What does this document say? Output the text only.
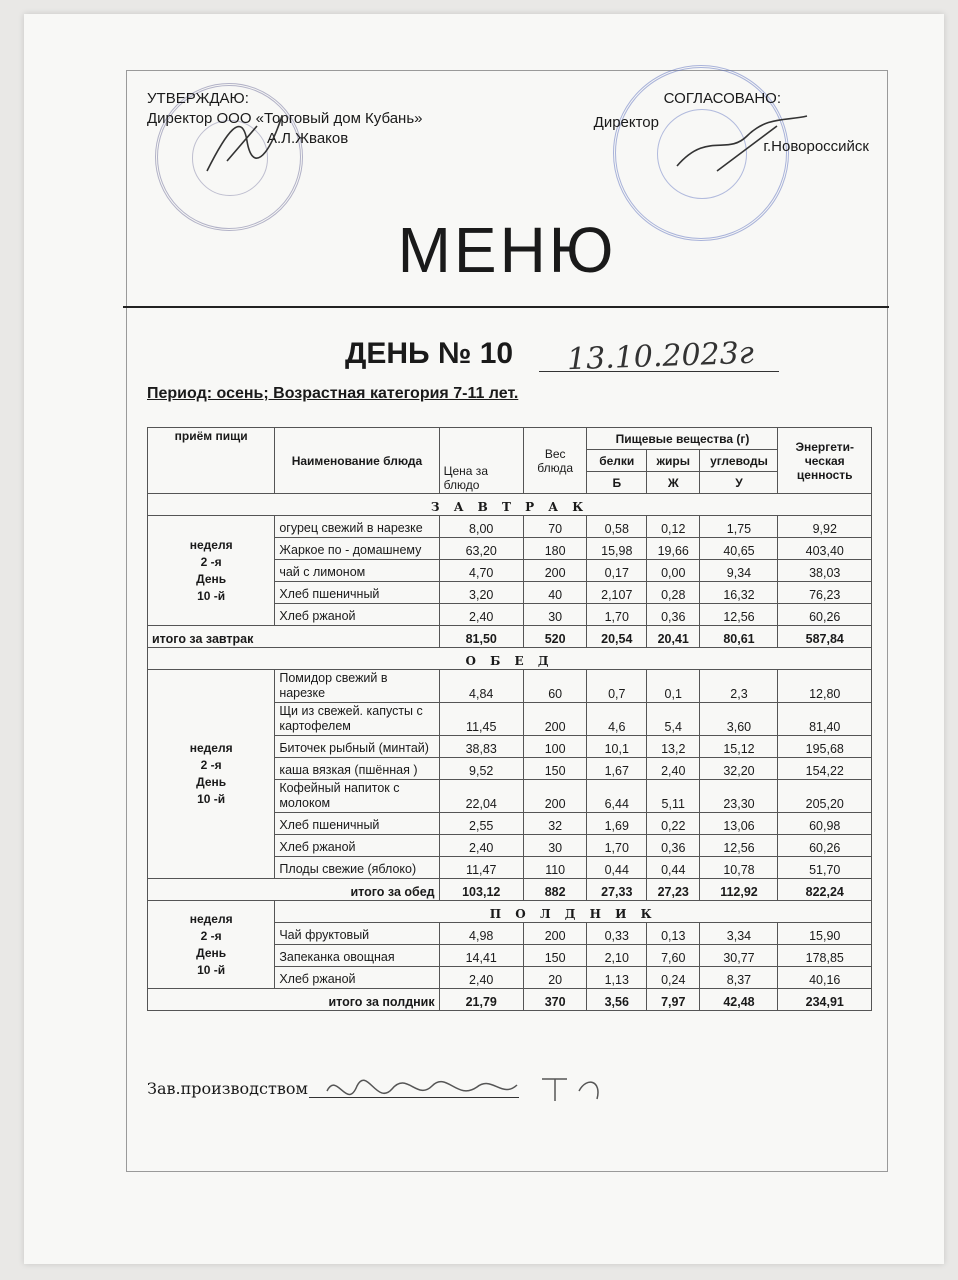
УТВЕРЖДАЮ:
Директор ООО «Торговый дом Кубань»
А.Л.Жваков
СОГЛАСОВАНО:
Директор
г.Новороссийск
МЕНЮ
ДЕНЬ № 10 13.10.2023г
Период: осень; Возрастная категория 7-11 лет.
приём пищи	Наименование блюда	Цена за блюдо	Вес блюда	Пищевые вещества (г)			Энергети-ческая ценность
				белки	жиры	углеводы	
				Б	Ж	У	
З А В Т Р А К							

неделя
2 -я
День
10 -й	огурец свежий в нарезке	8,00	70	0,58	0,12	1,75	9,92
	Жаркое по - домашнему	63,20	180	15,98	19,66	40,65	403,40
	чай с лимоном	4,70	200	0,17	0,00	9,34	38,03
	Хлеб пшеничный	3,20	40	2,107	0,28	16,32	76,23
	Хлеб ржаной	2,40	30	1,70	0,36	12,56	60,26
итого за завтрак		81,50	520	20,54	20,41	80,61	587,84
О Б Е Д							

неделя
2 -я
День
10 -й	Помидор свежий в нарезке	4,84	60	0,7	0,1	2,3	12,80
	Щи из свежей. капусты с картофелем	11,45	200	4,6	5,4	3,60	81,40
	Биточек рыбный (минтай)	38,83	100	10,1	13,2	15,12	195,68
	каша вязкая (пшённая )	9,52	150	1,67	2,40	32,20	154,22
	Кофейный напиток с молоком	22,04	200	6,44	5,11	23,30	205,20
	Хлеб пшеничный	2,55	32	1,69	0,22	13,06	60,98
	Хлеб ржаной	2,40	30	1,70	0,36	12,56	60,26
	Плоды свежие (яблоко)	11,47	110	0,44	0,44	10,78	51,70
итого за обед		103,12	882	27,33	27,23	112,92	822,24

неделя
2 -я
День
10 -й	П О Л Д Н И К						
	Чай фруктовый	4,98	200	0,33	0,13	3,34	15,90
	Запеканка овощная	14,41	150	2,10	7,60	30,77	178,85
	Хлеб ржаной	2,40	20	1,13	0,24	8,37	40,16
итого за полдник		21,79	370	3,56	7,97	42,48	234,91
Зав.производством
